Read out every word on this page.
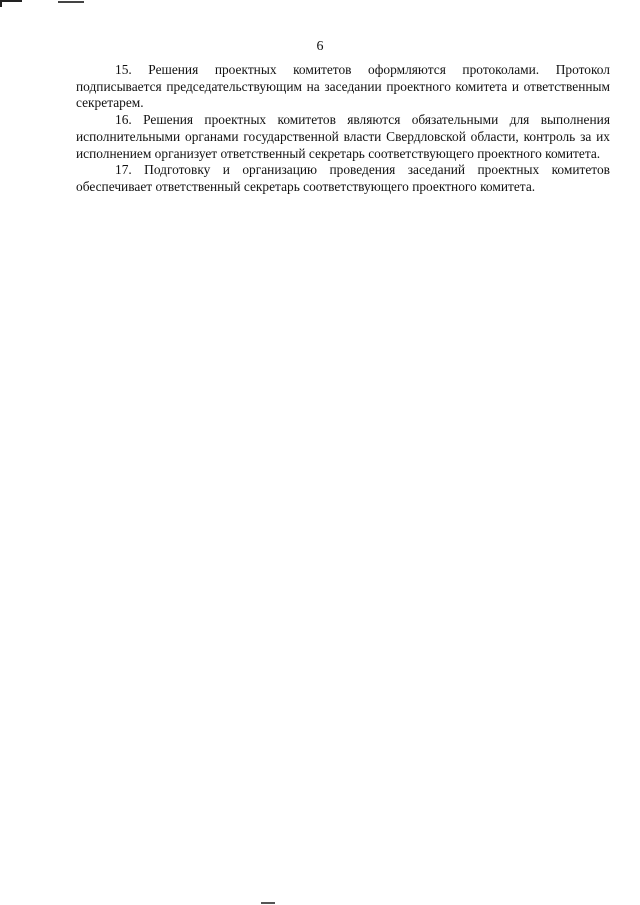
6

15. Решения проектных комитетов оформляются протоколами. Протокол подписывается председательствующим на заседании проектного комитета и ответственным секретарем.

16. Решения проектных комитетов являются обязательными для выполнения исполнительными органами государственной власти Свердловской области, контроль за их исполнением организует ответственный секретарь соответствующего проектного комитета.

17. Подготовку и организацию проведения заседаний проектных комитетов обеспечивает ответственный секретарь соответствующего проектного комитета.
